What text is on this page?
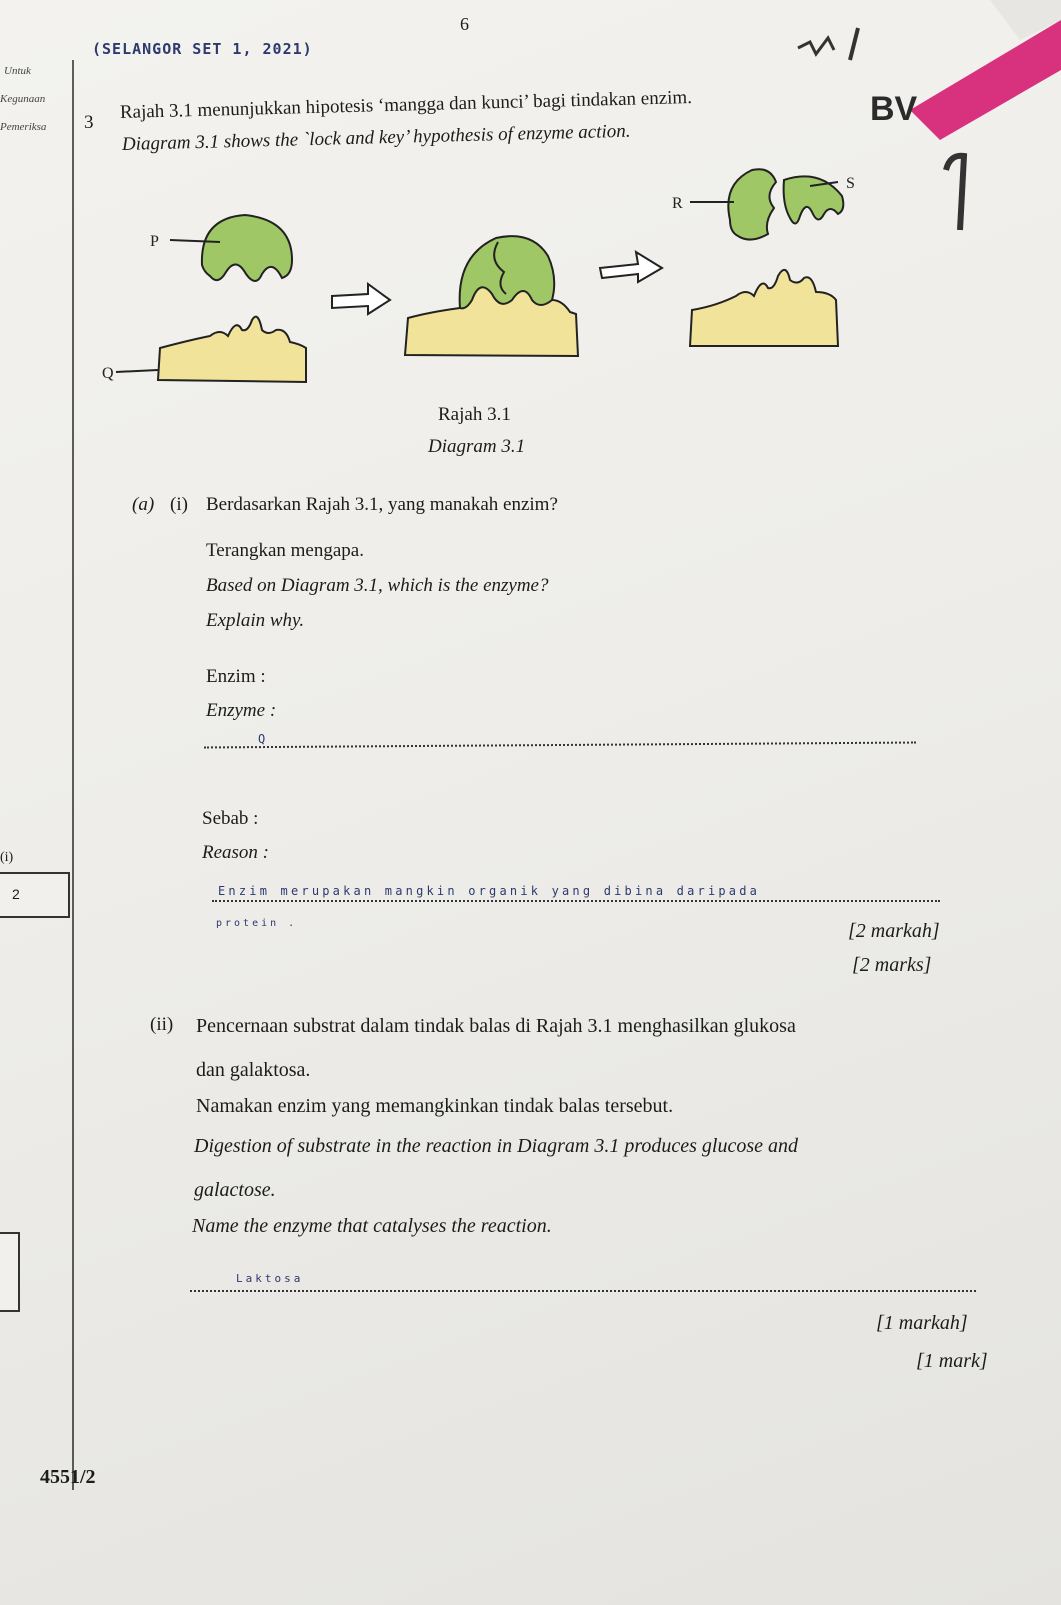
6
BV
Untuk
Kegunaan
Pemeriksa
(SELANGOR SET 1, 2021)
3 Rajah 3.1 menunjukkan hipotesis ‘mangga dan kunci’ bagi tindakan enzim.
Diagram 3.1 shows the `lock and key’ hypothesis of enzyme action.
P
Q
R
S
Rajah 3.1
Diagram 3.1
(a) (i) Berdasarkan Rajah 3.1, yang manakah enzim?
Terangkan mengapa.
Based on Diagram 3.1, which is the enzyme?
Explain why.
Enzim :
Enzyme :
Q
Sebab :
Reason :
Enzim merupakan mangkin organik yang dibina daripada
protein .	[2 markah]
[2 marks]
(i)
2
(ii) Pencernaan substrat dalam tindak balas di Rajah 3.1 menghasilkan glukosa
dan galaktosa.
Namakan enzim yang memangkinkan tindak balas tersebut.
Digestion of substrate in the reaction in Diagram 3.1 produces glucose and
galactose.
Name the enzyme that catalyses the reaction.
Laktosa
[1 markah]
[1 mark]
4551/2
